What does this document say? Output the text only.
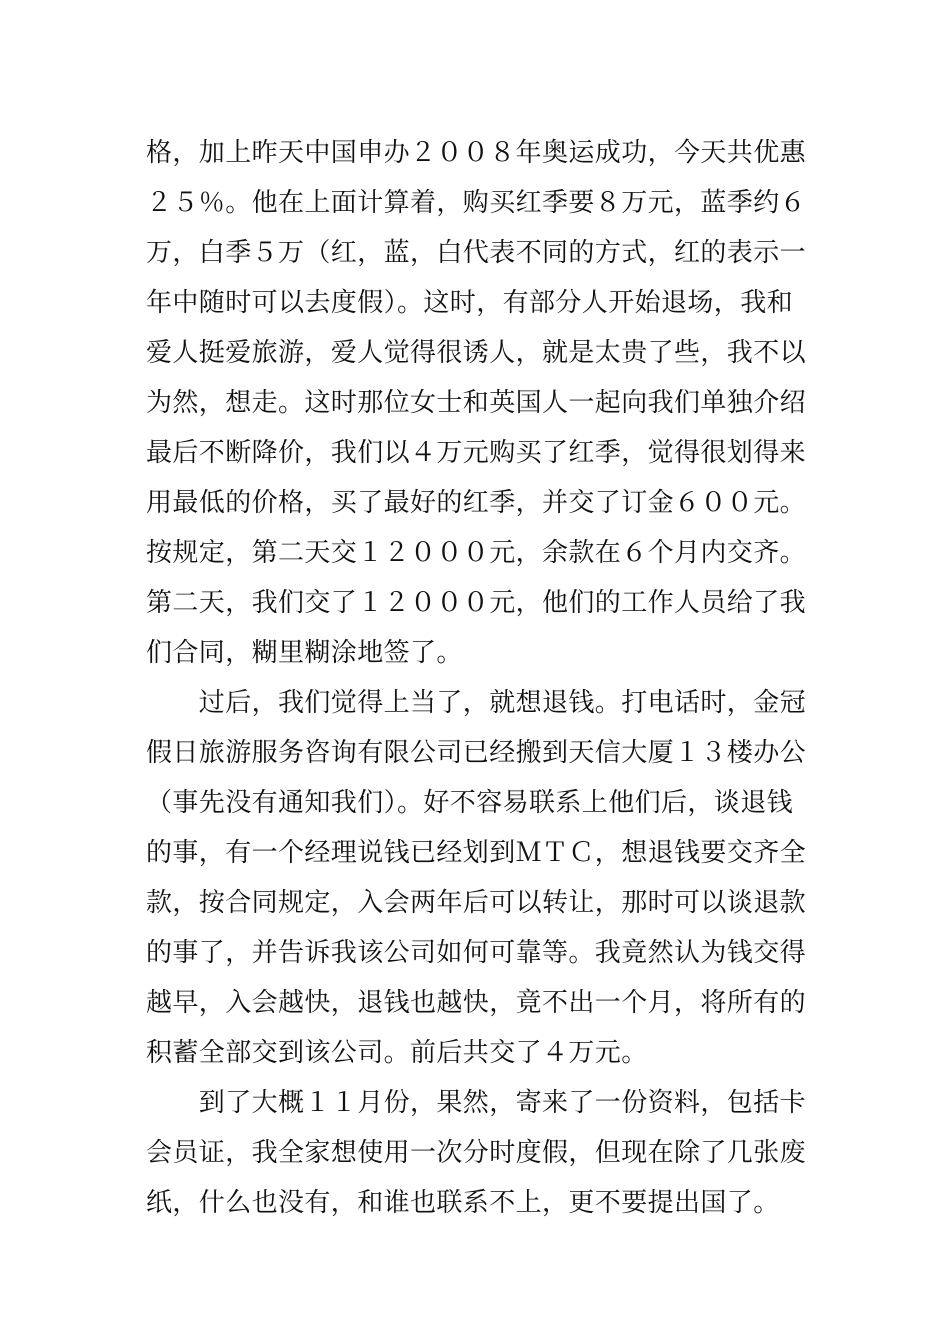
格，加上昨天中国申办２００８年奥运成功，今天共优惠
２５％。他在上面计算着，购买红季要８万元，蓝季约６
万，白季５万（红，蓝，白代表不同的方式，红的表示一
年中随时可以去度假）。这时，有部分人开始退场，我和
爱人挺爱旅游，爱人觉得很诱人，就是太贵了些，我不以
为然，想走。这时那位女士和英国人一起向我们单独介绍
最后不断降价，我们以４万元购买了红季，觉得很划得来
用最低的价格，买了最好的红季，并交了订金６００元。
按规定，第二天交１２０００元，余款在６个月内交齐。
第二天，我们交了１２０００元，他们的工作人员给了我
们合同，糊里糊涂地签了。
　　过后，我们觉得上当了，就想退钱。打电话时，金冠
假日旅游服务咨询有限公司已经搬到天信大厦１３楼办公
（事先没有通知我们）。好不容易联系上他们后，谈退钱
的事，有一个经理说钱已经划到ＭＴＣ，想退钱要交齐全
款，按合同规定，入会两年后可以转让，那时可以谈退款
的事了，并告诉我该公司如何可靠等。我竟然认为钱交得
越早，入会越快，退钱也越快，竟不出一个月，将所有的
积蓄全部交到该公司。前后共交了４万元。
　　到了大概１１月份，果然，寄来了一份资料，包括卡
会员证，我全家想使用一次分时度假，但现在除了几张废
纸，什么也没有，和谁也联系不上，更不要提出国了。
